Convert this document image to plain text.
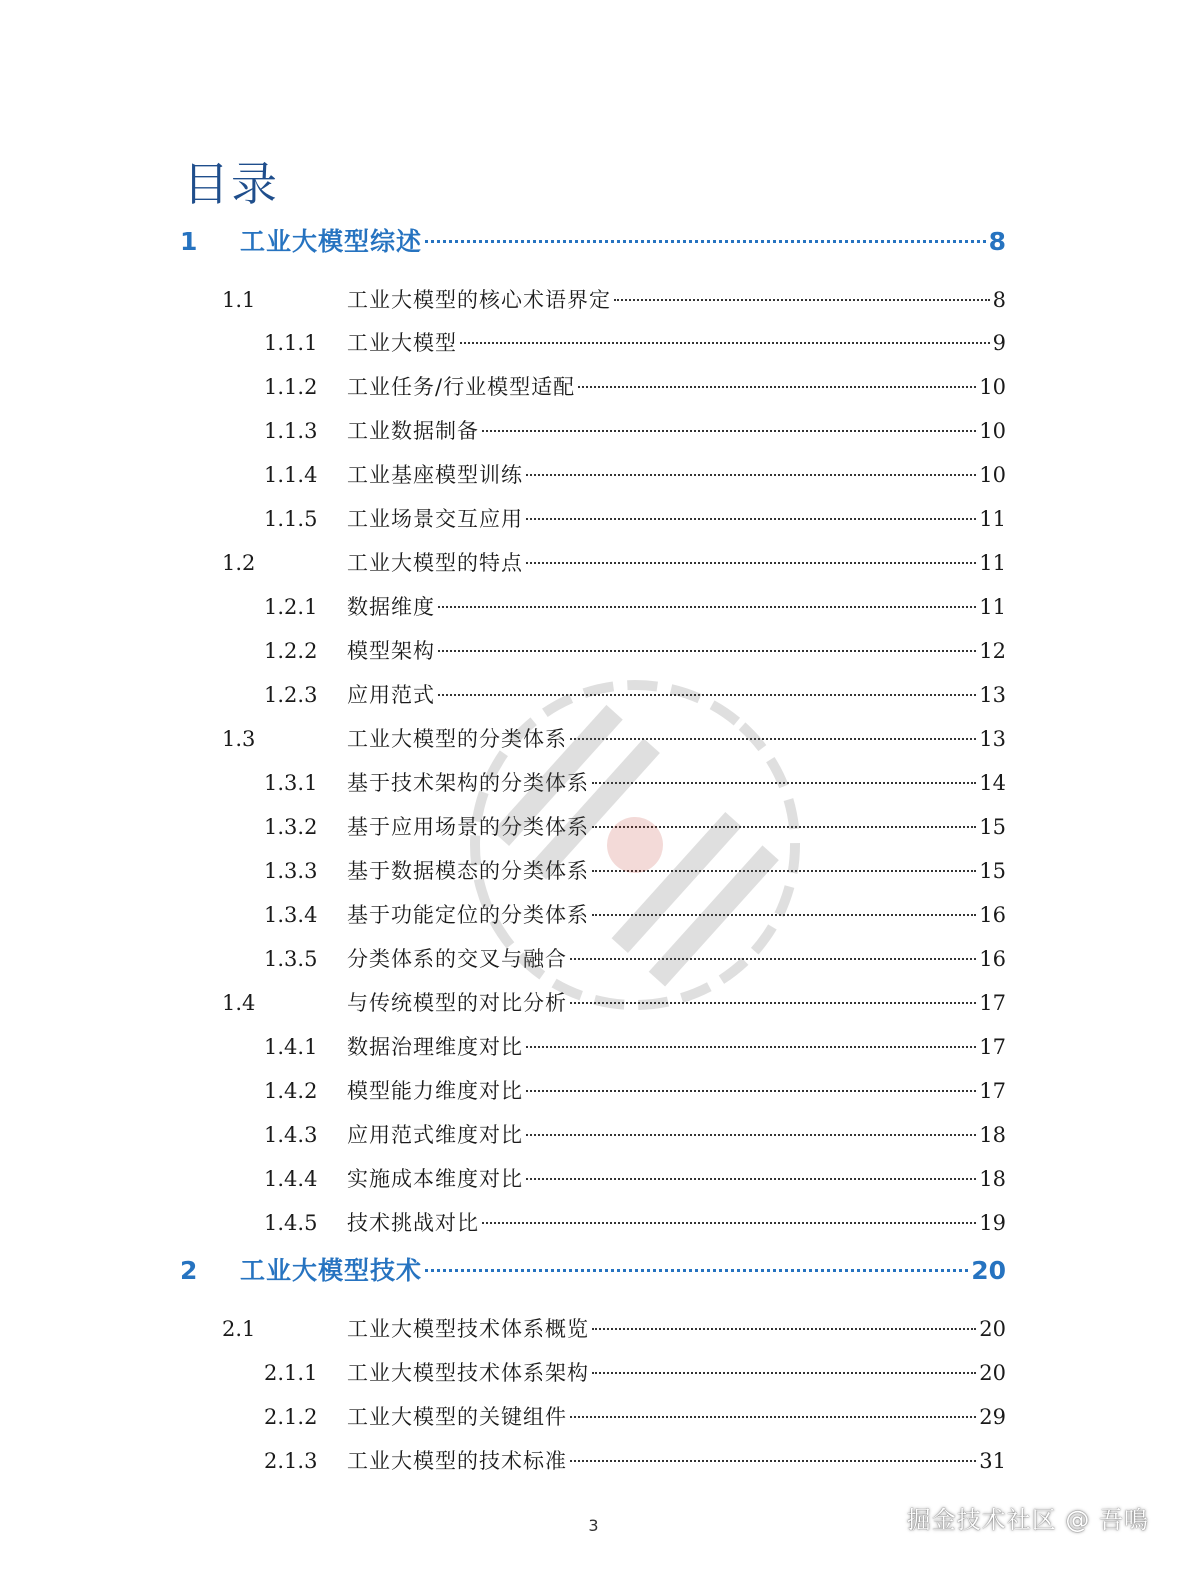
目录
1 工业大模型综述	8
1.1	工业大模型的核心术语界定	8
1.1.1 工业大模型	9
1.1.2 工业任务/行业模型适配	10
1.1.3 工业数据制备	10
1.1.4 工业基座模型训练	10
1.1.5 工业场景交互应用	11
1.2	工业大模型的特点	11
1.2.1 数据维度	11
1.2.2 模型架构	12
1.2.3 应用范式	13
1.3	工业大模型的分类体系	13
1.3.1 基于技术架构的分类体系	14
1.3.2 基于应用场景的分类体系	15
1.3.3 基于数据模态的分类体系	15
1.3.4 基于功能定位的分类体系	16
1.3.5 分类体系的交叉与融合	16
1.4	与传统模型的对比分析	17
1.4.1 数据治理维度对比	17
1.4.2 模型能力维度对比	17
1.4.3 应用范式维度对比	18
1.4.4 实施成本维度对比	18
1.4.5 技术挑战对比	19
2 工业大模型技术	20
2.1	工业大模型技术体系概览	20
2.1.1 工业大模型技术体系架构	20
2.1.2 工业大模型的关键组件	29
2.1.3 工业大模型的技术标准	31
3	掘金技术社区 @ 吾鳴
